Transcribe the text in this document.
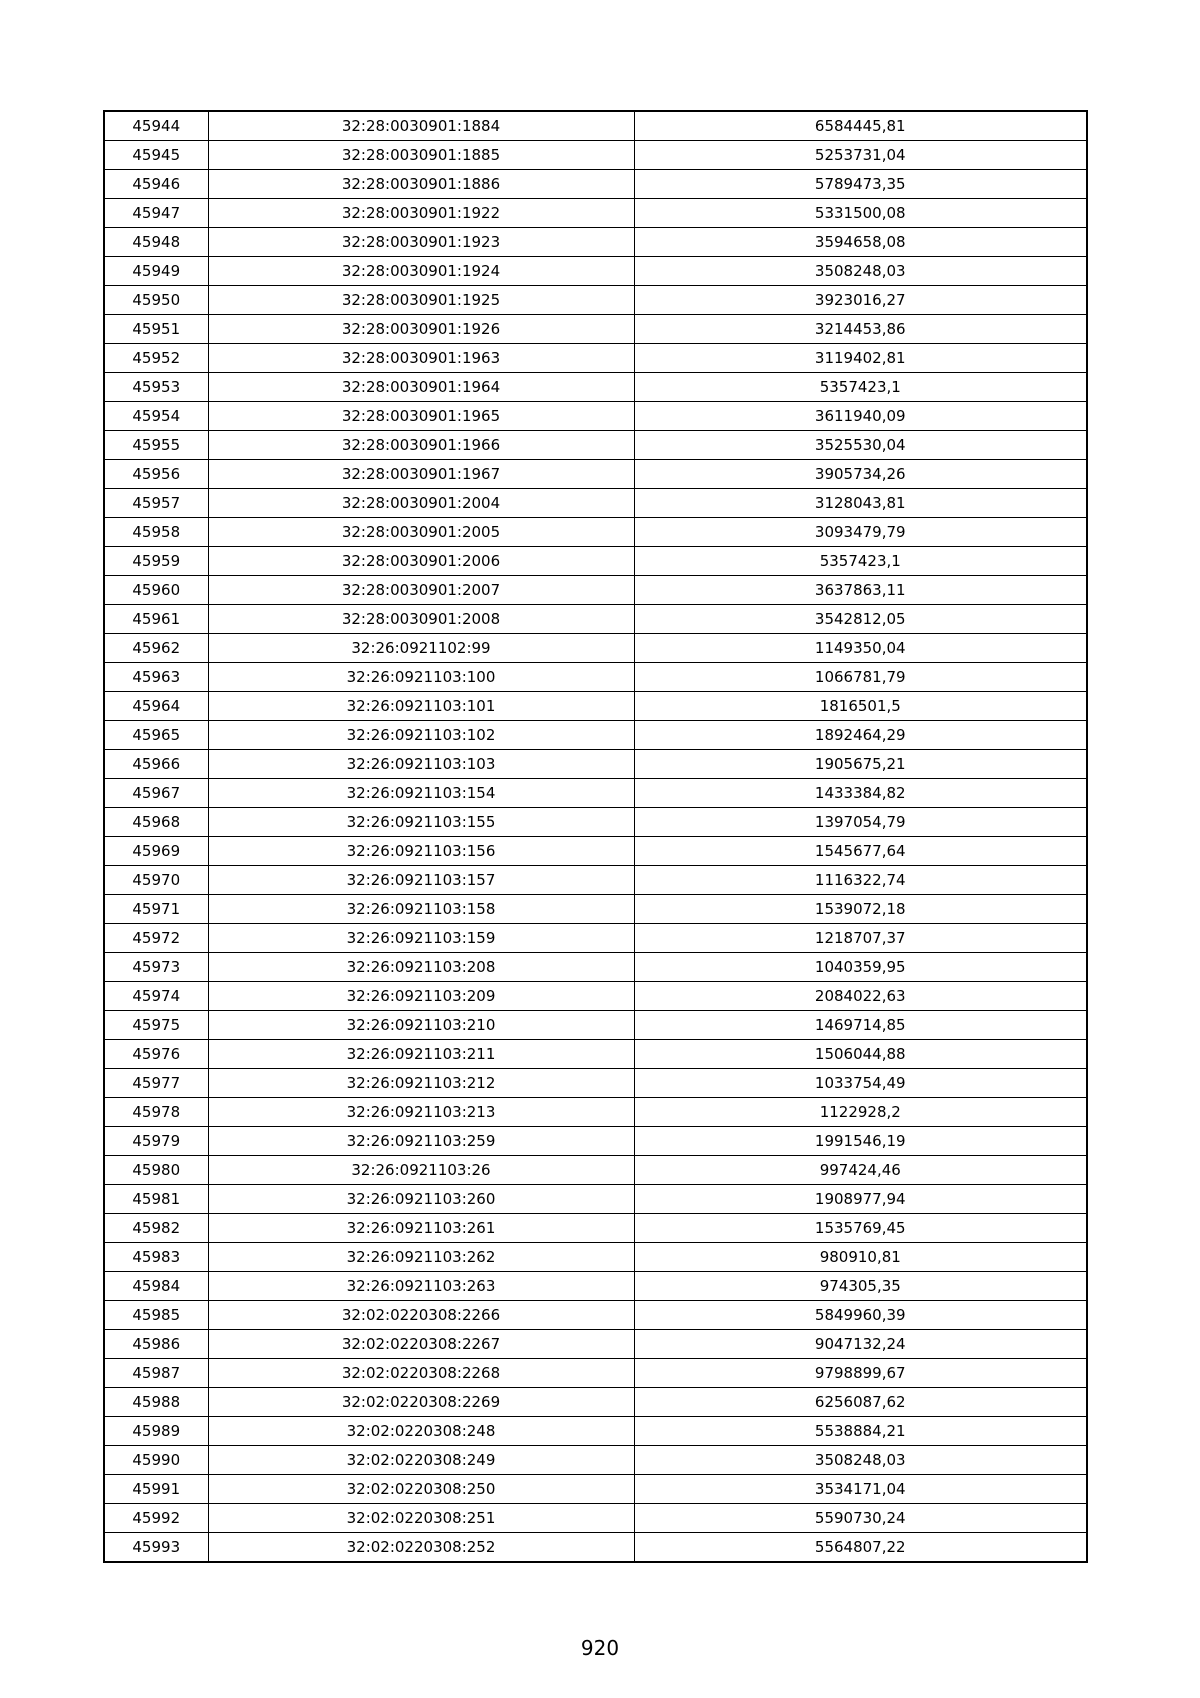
45944	32:28:0030901:1884	6584445,81
45945	32:28:0030901:1885	5253731,04
45946	32:28:0030901:1886	5789473,35
45947	32:28:0030901:1922	5331500,08
45948	32:28:0030901:1923	3594658,08
45949	32:28:0030901:1924	3508248,03
45950	32:28:0030901:1925	3923016,27
45951	32:28:0030901:1926	3214453,86
45952	32:28:0030901:1963	3119402,81
45953	32:28:0030901:1964	5357423,1
45954	32:28:0030901:1965	3611940,09
45955	32:28:0030901:1966	3525530,04
45956	32:28:0030901:1967	3905734,26
45957	32:28:0030901:2004	3128043,81
45958	32:28:0030901:2005	3093479,79
45959	32:28:0030901:2006	5357423,1
45960	32:28:0030901:2007	3637863,11
45961	32:28:0030901:2008	3542812,05
45962	32:26:0921102:99	1149350,04
45963	32:26:0921103:100	1066781,79
45964	32:26:0921103:101	1816501,5
45965	32:26:0921103:102	1892464,29
45966	32:26:0921103:103	1905675,21
45967	32:26:0921103:154	1433384,82
45968	32:26:0921103:155	1397054,79
45969	32:26:0921103:156	1545677,64
45970	32:26:0921103:157	1116322,74
45971	32:26:0921103:158	1539072,18
45972	32:26:0921103:159	1218707,37
45973	32:26:0921103:208	1040359,95
45974	32:26:0921103:209	2084022,63
45975	32:26:0921103:210	1469714,85
45976	32:26:0921103:211	1506044,88
45977	32:26:0921103:212	1033754,49
45978	32:26:0921103:213	1122928,2
45979	32:26:0921103:259	1991546,19
45980	32:26:0921103:26	997424,46
45981	32:26:0921103:260	1908977,94
45982	32:26:0921103:261	1535769,45
45983	32:26:0921103:262	980910,81
45984	32:26:0921103:263	974305,35
45985	32:02:0220308:2266	5849960,39
45986	32:02:0220308:2267	9047132,24
45987	32:02:0220308:2268	9798899,67
45988	32:02:0220308:2269	6256087,62
45989	32:02:0220308:248	5538884,21
45990	32:02:0220308:249	3508248,03
45991	32:02:0220308:250	3534171,04
45992	32:02:0220308:251	5590730,24
45993	32:02:0220308:252	5564807,22
920
